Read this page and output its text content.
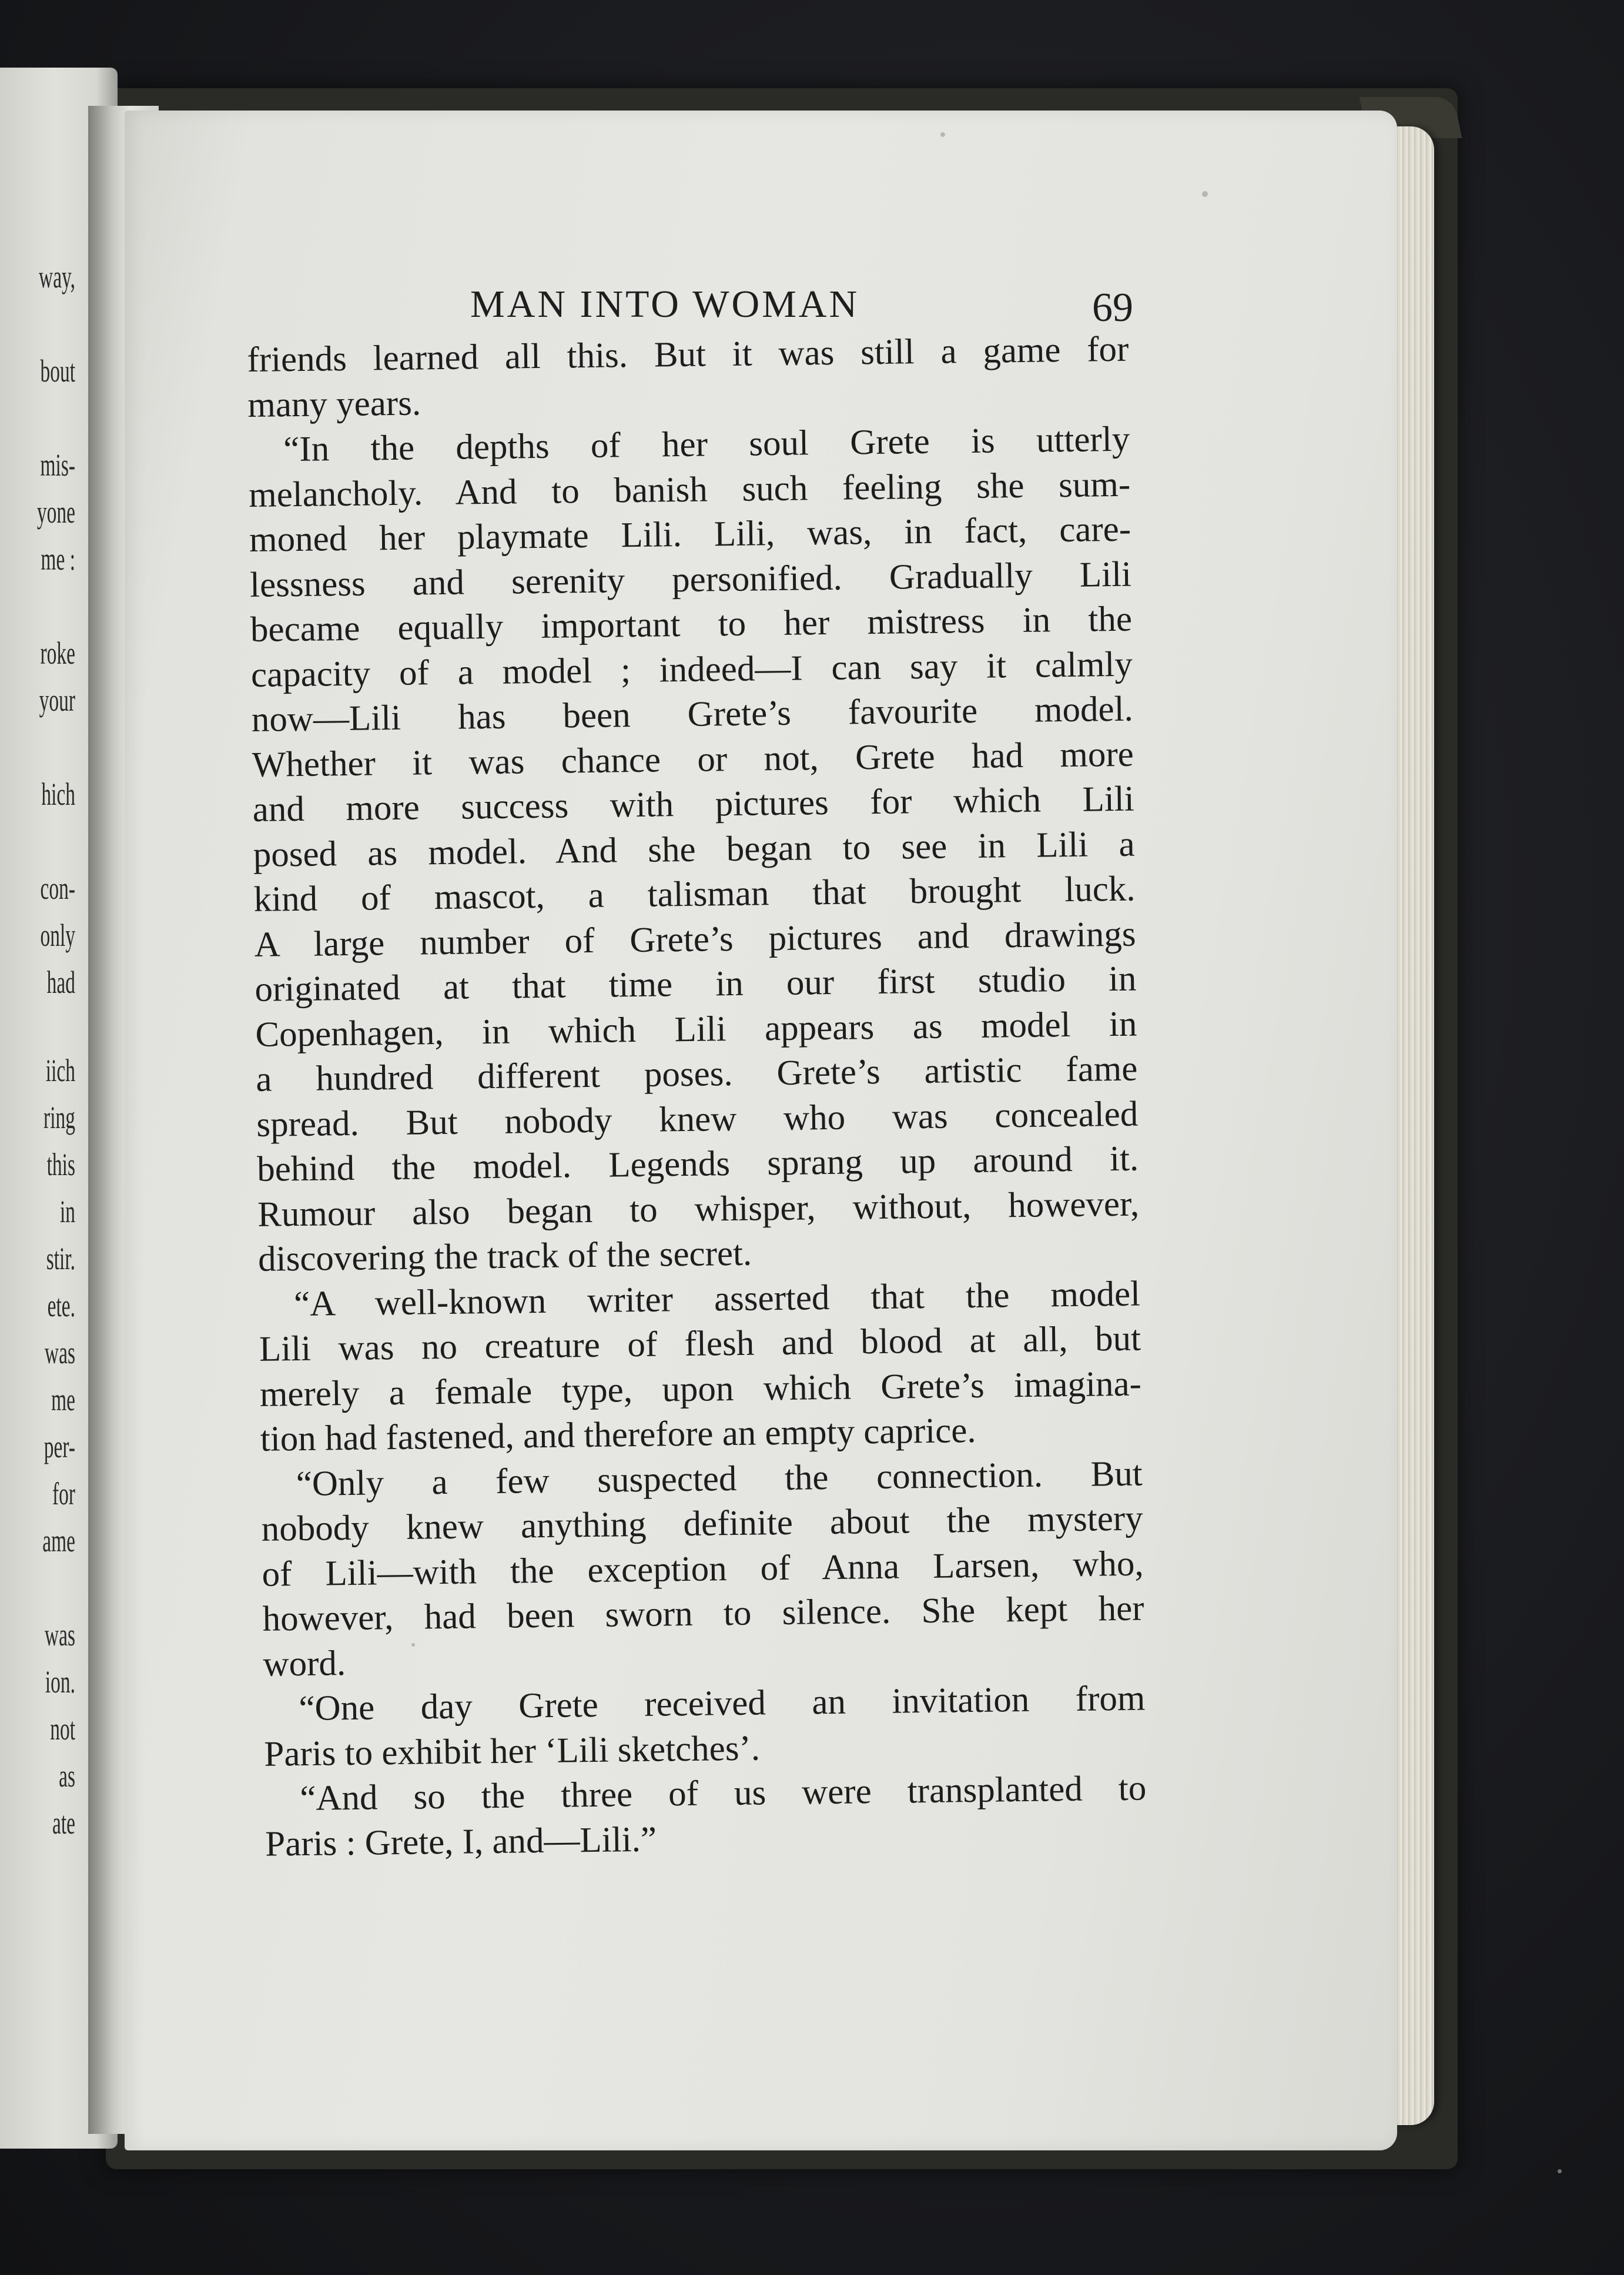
way,
bout
mis-
yone
me :
roke
your
hich
con-
only
had
iich
ring
this
in
stir.
ete.
was
me
per-
for
ame
was
ion.
not
as
ate
MAN INTO WOMAN	69
friends learned all this. But it was still a game for
many years.
“In the depths of her soul Grete is utterly
melancholy. And to banish such feeling she sum-
moned her playmate Lili. Lili, was, in fact, care-
lessness and serenity personified. Gradually Lili
became equally important to her mistress in the
capacity of a model ; indeed—I can say it calmly
now—Lili has been Grete’s favourite model.
Whether it was chance or not, Grete had more
and more success with pictures for which Lili
posed as model. And she began to see in Lili a
kind of mascot, a talisman that brought luck.
A large number of Grete’s pictures and drawings
originated at that time in our first studio in
Copenhagen, in which Lili appears as model in
a hundred different poses. Grete’s artistic fame
spread. But nobody knew who was concealed
behind the model. Legends sprang up around it.
Rumour also began to whisper, without, however,
discovering the track of the secret.
“A well-known writer asserted that the model
Lili was no creature of flesh and blood at all, but
merely a female type, upon which Grete’s imagina-
tion had fastened, and therefore an empty caprice.
“Only a few suspected the connection. But
nobody knew anything definite about the mystery
of Lili—with the exception of Anna Larsen, who,
however, had been sworn to silence. She kept her
word.
“One day Grete received an invitation from
Paris to exhibit her ‘Lili sketches’.
“And so the three of us were transplanted to
Paris : Grete, I, and—Lili.”
